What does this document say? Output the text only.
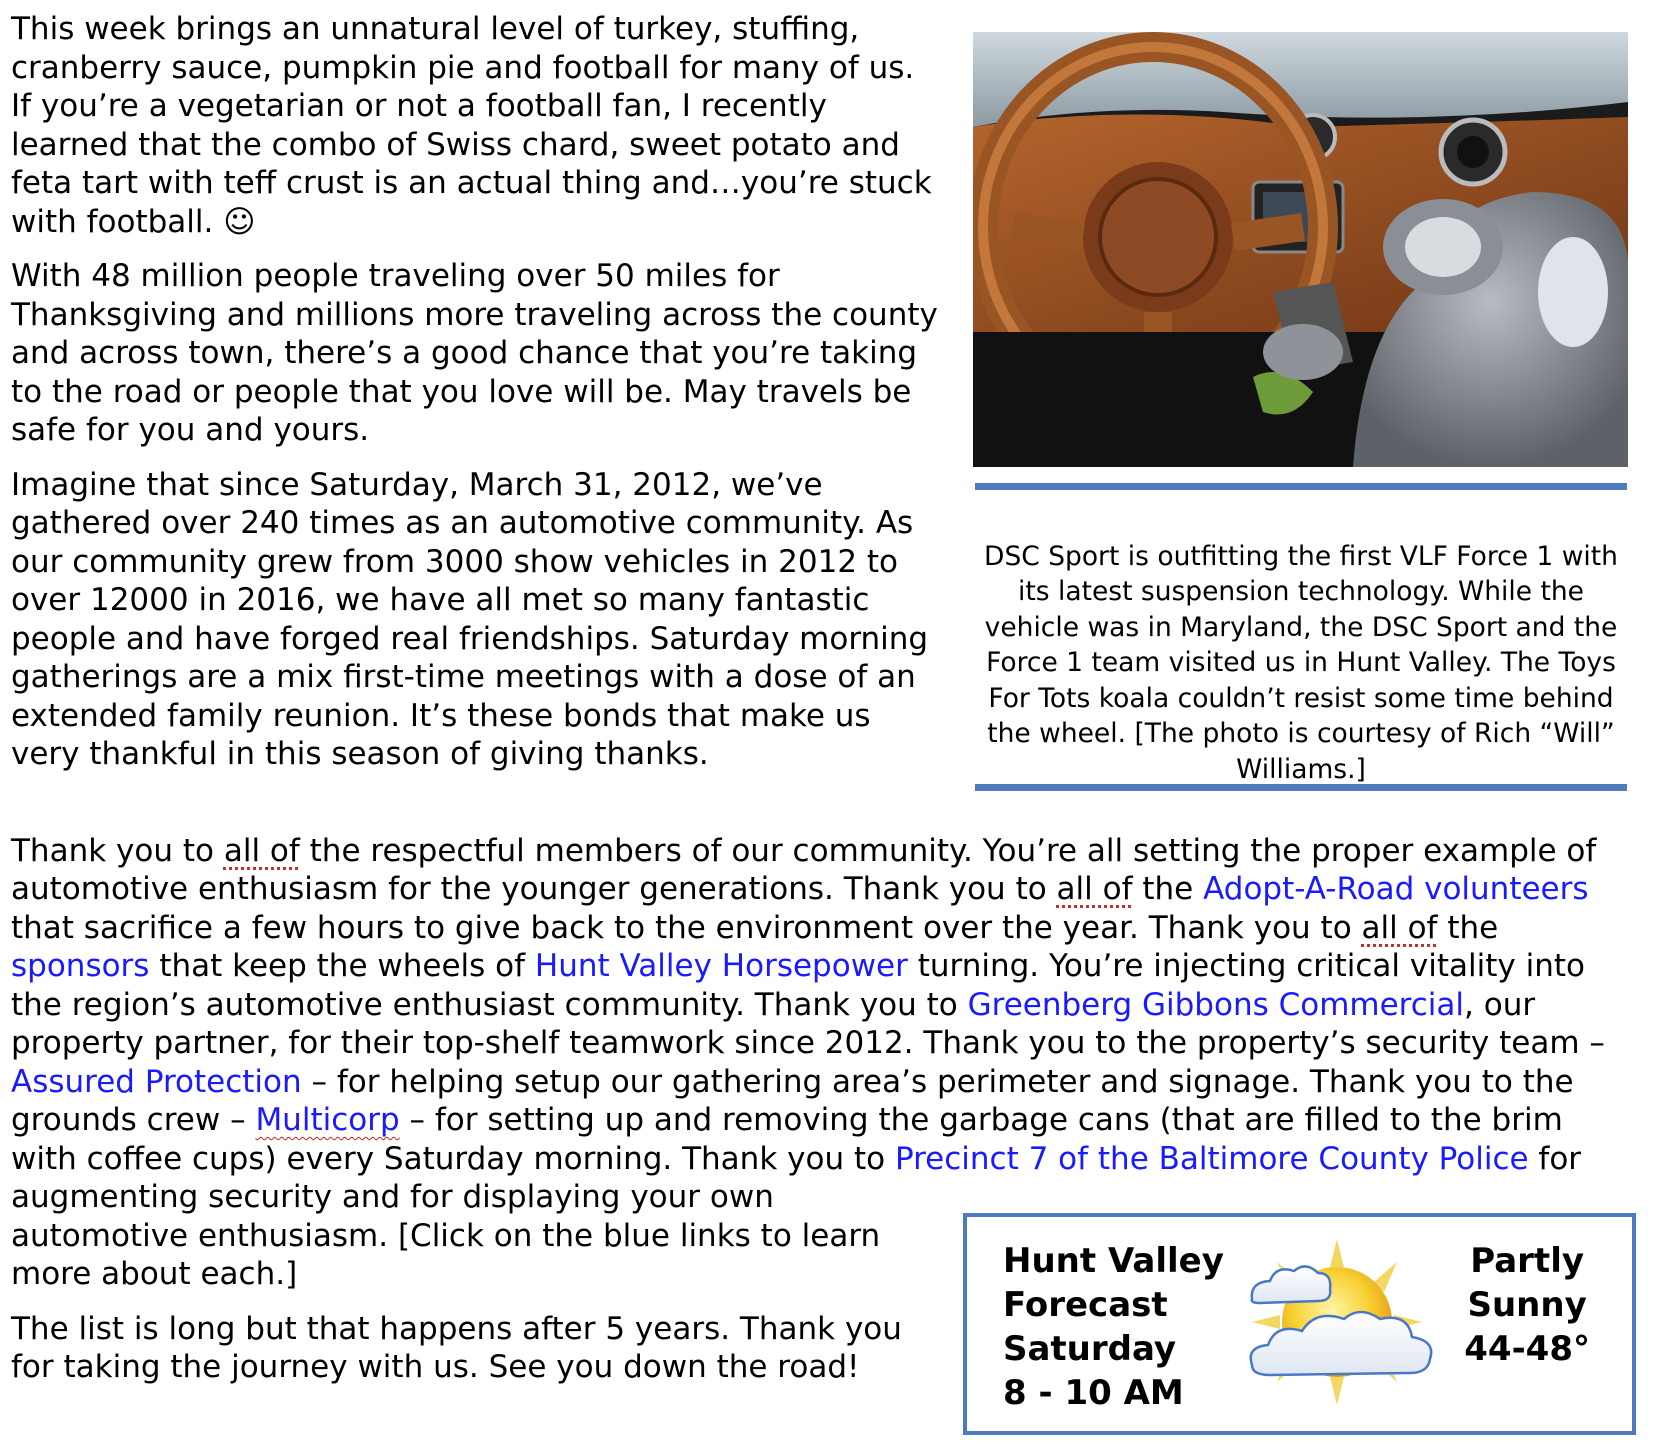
This week brings an unnatural level of turkey, stuffing,

cranberry sauce, pumpkin pie and football for many of us.

If you’re a vegetarian or not a football fan, I recently

learned that the combo of Swiss chard, sweet potato and

feta tart with teff crust is an actual thing and…you’re stuck

with football. ☺

With 48 million people traveling over 50 miles for

Thanksgiving and millions more traveling across the county

and across town, there’s a good chance that you’re taking

to the road or people that you love will be. May travels be

safe for you and yours.

Imagine that since Saturday, March 31, 2012, we’ve

gathered over 240 times as an automotive community. As

our community grew from 3000 show vehicles in 2012 to

over 12000 in 2016, we have all met so many fantastic

people and have forged real friendships. Saturday morning

gatherings are a mix first-time meetings with a dose of an

extended family reunion. It’s these bonds that make us

very thankful in this season of giving thanks.

DSC Sport is outfitting the first VLF Force 1 with its latest suspension technology. While the vehicle was in Maryland, the DSC Sport and the Force 1 team visited us in Hunt Valley. The Toys For Tots koala couldn’t resist some time behind the wheel. [The photo is courtesy of Rich “Will” Williams.]

Thank you to all of the respectful members of our community. You’re all setting the proper example of

automotive enthusiasm for the younger generations. Thank you to all of the Adopt-A-Road volunteers

that sacrifice a few hours to give back to the environment over the year. Thank you to all of the

sponsors that keep the wheels of Hunt Valley Horsepower turning. You’re injecting critical vitality into

the region’s automotive enthusiast community. Thank you to Greenberg Gibbons Commercial, our

property partner, for their top-shelf teamwork since 2012. Thank you to the property’s security team –

Assured Protection – for helping setup our gathering area’s perimeter and signage. Thank you to the

grounds crew – Multicorp – for setting up and removing the garbage cans (that are filled to the brim

with coffee cups) every Saturday morning. Thank you to Precinct 7 of the Baltimore County Police for

augmenting security and for displaying your own

automotive enthusiasm. [Click on the blue links to learn

more about each.]

The list is long but that happens after 5 years. Thank you

for taking the journey with us. See you down the road!

Hunt Valley
Forecast
Saturday
8 - 10 AM
Partly
Sunny
44-48°
